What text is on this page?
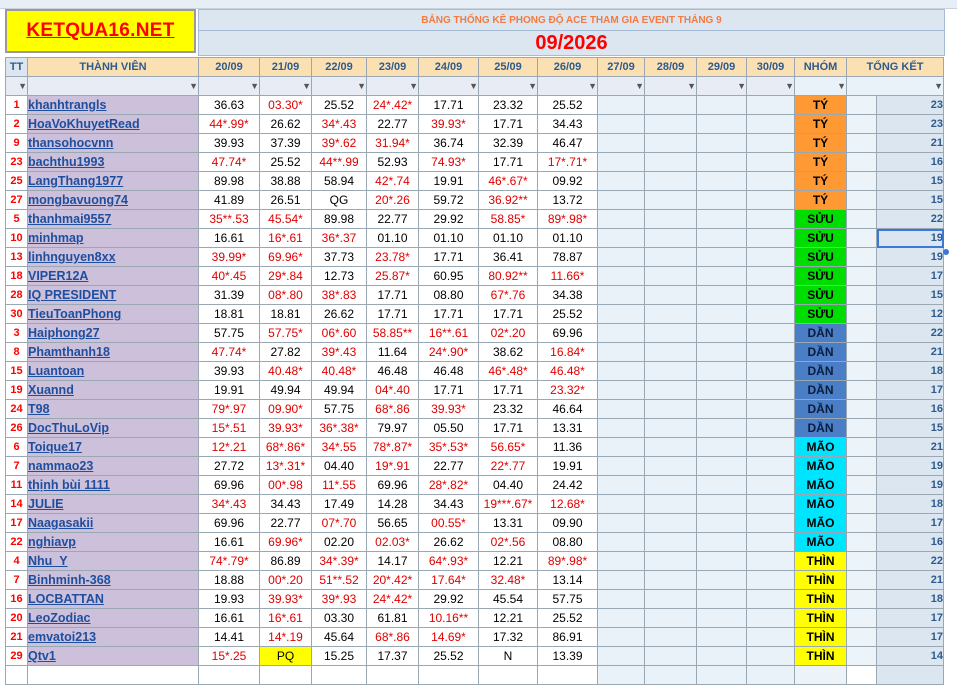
KETQUA16.NET	BẢNG THỐNG KÊ PHONG ĐỘ ACE THAM GIA EVENT THÁNG 9
09/2026
TT	THÀNH VIÊN	20/09	21/09	22/09	23/09	24/09	25/09	26/09	27/09	28/09	29/09	30/09	NHÓM	TỔNG KẾT	
▼	▼	▼	▼	▼	▼	▼	▼	▼	▼	▼	▼	▼	▼	▼	
1	khanhtrangls	36.63	03.30*	25.52	24*.42*	17.71	23.32	25.52					TÝ		23
2	HoaVoKhuyetRead	44*.99*	26.62	34*.43	22.77	39.93*	17.71	34.43					TÝ		23
9	thansohocvnn	39.93	37.39	39*.62	31.94*	36.74	32.39	46.47					TÝ		21
23	bachthu1993	47.74*	25.52	44**.99	52.93	74.93*	17.71	17*.71*					TÝ		16
25	LangThang1977	89.98	38.88	58.94	42*.74	19.91	46*.67*	09.92					TÝ		15
27	mongbavuong74	41.89	26.51	QG	20*.26	59.72	36.92**	13.72					TÝ		15
5	thanhmai9557	35**.53	45.54*	89.98	22.77	29.92	58.85*	89*.98*					SỬU		22
10	minhmap	16.61	16*.61	36*.37	01.10	01.10	01.10	01.10					SỬU		19
13	linhnguyen8xx	39.99*	69.96*	37.73	23.78*	17.71	36.41	78.87					SỬU		19
18	VIPER12A	40*.45	29*.84	12.73	25.87*	60.95	80.92**	11.66*					SỬU		17
28	IQ PRESIDENT	31.39	08*.80	38*.83	17.71	08.80	67*.76	34.38					SỬU		15
30	TieuToanPhong	18.81	18.81	26.62	17.71	17.71	17.71	25.52					SỬU		12
3	Haiphong27	57.75	57.75*	06*.60	58.85**	16**.61	02*.20	69.96					DẦN		22
8	Phamthanh18	47.74*	27.82	39*.43	11.64	24*.90*	38.62	16.84*					DẦN		21
15	Luantoan	39.93	40.48*	40.48*	46.48	46.48	46*.48*	46.48*					DẦN		18
19	Xuannd	19.91	49.94	49.94	04*.40	17.71	17.71	23.32*					DẦN		17
24	T98	79*.97	09.90*	57.75	68*.86	39.93*	23.32	46.64					DẦN		16
26	DocThuLoVip	15*.51	39.93*	36*.38*	79.97	05.50	17.71	13.31					DẦN		15
6	Toique17	12*.21	68*.86*	34*.55	78*.87*	35*.53*	56.65*	11.36					MÃO		21
7	nammao23	27.72	13*.31*	04.40	19*.91	22.77	22*.77	19.91					MÃO		19
11	thịnh bùi 1111	69.96	00*.98	11*.55	69.96	28*.82*	04.40	24.42					MÃO		19
14	JULIE	34*.43	34.43	17.49	14.28	34.43	19***.67*	12.68*					MÃO		18
17	Naagasakii	69.96	22.77	07*.70	56.65	00.55*	13.31	09.90					MÃO		17
22	nghiavp	16.61	69.96*	02.20	02.03*	26.62	02*.56	08.80					MÃO		16
4	Nhu_Y	74*.79*	86.89	34*.39*	14.17	64*.93*	12.21	89*.98*					THÌN		22
7	Binhminh-368	18.88	00*.20	51**.52	20*.42*	17.64*	32.48*	13.14					THÌN		21
16	LOCBATTAN	19.93	39.93*	39*.93	24*.42*	29.92	45.54	57.75					THÌN		18
20	LeoZodiac	16.61	16*.61	03.30	61.81	10.16**	12.21	25.52					THÌN		17
21	emvatoi213	14.41	14*.19	45.64	68*.86	14.69*	17.32	86.91					THÌN		17
29	Qtv1	15*.25	PQ	15.25	17.37	25.52	N	13.39					THÌN		14
